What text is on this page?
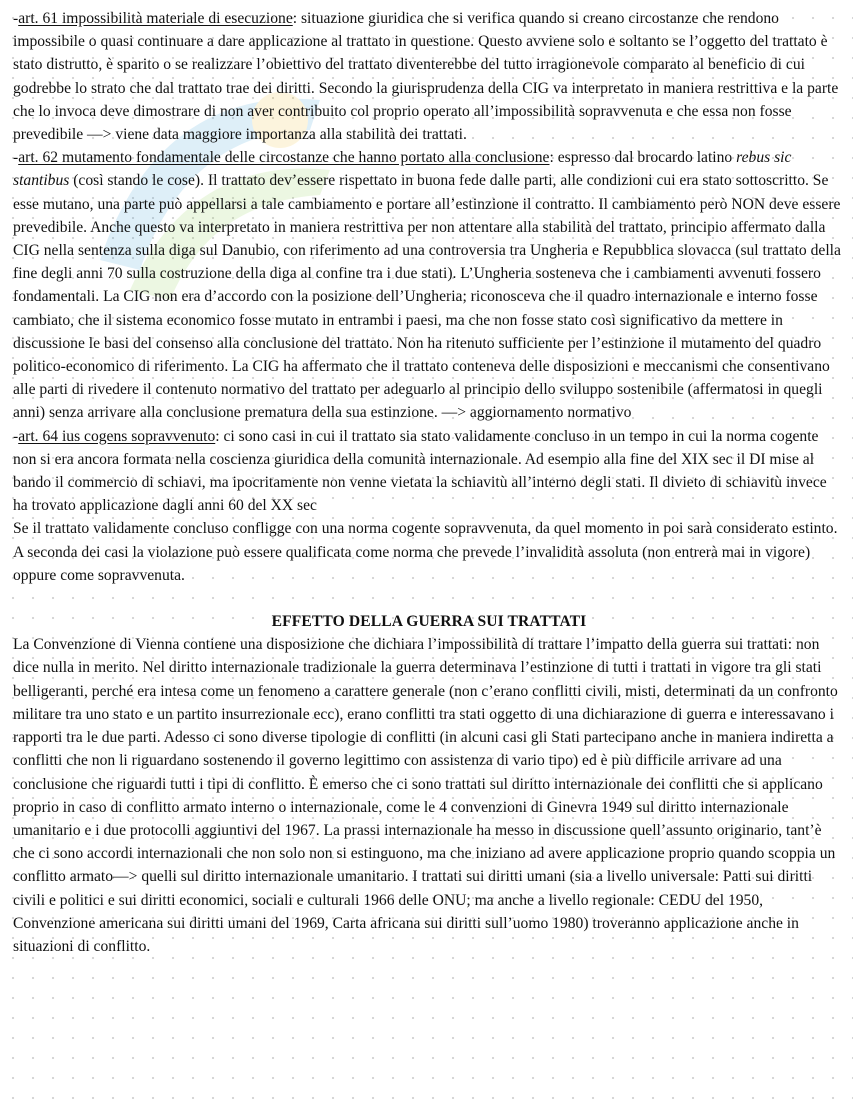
-art. 61 impossibilità materiale di esecuzione: situazione giuridica che si verifica quando si creano circostanze che rendono impossibile o quasi continuare a dare applicazione al trattato in questione. Questo avviene solo e soltanto se l’oggetto del trattato è stato distrutto, è sparito o se realizzare l’obiettivo del trattato diventerebbe del tutto irragionevole comparato al beneficio di cui godrebbe lo strato che dal trattato trae dei diritti. Secondo la giurisprudenza della CIG va interpretato in maniera restrittiva e la parte che lo invoca deve dimostrare di non aver contribuito col proprio operato all’impossibilità sopravvenuta e che essa non fosse prevedibile —> viene data maggiore importanza alla stabilità dei trattati.

-art. 62 mutamento fondamentale delle circostanze che hanno portato alla conclusione: espresso dal brocardo latino rebus sic stantibus (così stando le cose). Il trattato dev’essere rispettato in buona fede dalle parti, alle condizioni cui era stato sottoscritto. Se esse mutano, una parte può appellarsi a tale cambiamento e portare all’estinzione il contratto. Il cambiamento però NON deve essere prevedibile. Anche questo va interpretato in maniera restrittiva per non attentare alla stabilità del trattato, principio affermato dalla CIG nella sentenza sulla diga sul Danubio, con riferimento ad una controversia tra Ungheria e Repubblica slovacca (sul trattato della fine degli anni 70 sulla costruzione della diga al confine tra i due stati). L’Ungheria sosteneva che i cambiamenti avvenuti fossero fondamentali. La CIG non era d’accordo con la posizione dell’Ungheria; riconosceva che il quadro internazionale e interno fosse cambiato, che il sistema economico fosse mutato in entrambi i paesi, ma che non fosse stato così significativo da mettere in discussione le basi del consenso alla conclusione del trattato. Non ha ritenuto sufficiente per l’estinzione il mutamento del quadro politico-economico di riferimento. La CIG ha affermato che il trattato conteneva delle disposizioni e meccanismi che consentivano alle parti di rivedere il contenuto normativo del trattato per adeguarlo al principio dello sviluppo sostenibile (affermatosi in quegli anni) senza arrivare alla conclusione prematura della sua estinzione. —> aggiornamento normativo

-art. 64 ius cogens sopravvenuto: ci sono casi in cui il trattato sia stato validamente concluso in un tempo in cui la norma cogente non si era ancora formata nella coscienza giuridica della comunità internazionale. Ad esempio alla fine del XIX sec il DI mise al bando il commercio di schiavi, ma ipocritamente non venne vietata la schiavitù all’interno degli stati. Il divieto di schiavitù invece ha trovato applicazione dagli anni 60 del XX sec

Se il trattato validamente concluso confligge con una norma cogente sopravvenuta, da quel momento in poi sarà considerato estinto. A seconda dei casi la violazione può essere qualificata come norma che prevede l’invalidità assoluta (non entrerà mai in vigore) oppure come sopravvenuta.

EFFETTO DELLA GUERRA SUI TRATTATI

La Convenzione di Vienna contiene una disposizione che dichiara l’impossibilità di trattare l’impatto della guerra sui trattati: non dice nulla in merito. Nel diritto internazionale tradizionale la guerra determinava l’estinzione di tutti i trattati in vigore tra gli stati belligeranti, perché era intesa come un fenomeno a carattere generale (non c’erano conflitti civili, misti, determinati da un confronto militare tra uno stato e un partito insurrezionale ecc), erano conflitti tra stati oggetto di una dichiarazione di guerra e interessavano i rapporti tra le due parti. Adesso ci sono diverse tipologie di conflitti (in alcuni casi gli Stati partecipano anche in maniera indiretta a conflitti che non li riguardano sostenendo il governo legittimo con assistenza di vario tipo) ed è più difficile arrivare ad una conclusione che riguardi tutti i tipi di conflitto. È emerso che ci sono trattati sul diritto internazionale dei conflitti che si applicano proprio in caso di conflitto armato interno o internazionale, come le 4 convenzioni di Ginevra 1949 sul diritto internazionale umanitario e i due protocolli aggiuntivi del 1967. La prassi internazionale ha messo in discussione quell’assunto originario, tant’è che ci sono accordi internazionali che non solo non si estinguono, ma che iniziano ad avere applicazione proprio quando scoppia un conflitto armato—> quelli sul diritto internazionale umanitario. I trattati sui diritti umani (sia a livello universale: Patti sui diritti civili e politici e sui diritti economici, sociali e culturali 1966 delle ONU; ma anche a livello regionale: CEDU del 1950, Convenzione americana sui diritti umani del 1969, Carta africana sui diritti sull’uomo 1980) troveranno applicazione anche in situazioni di conflitto.
